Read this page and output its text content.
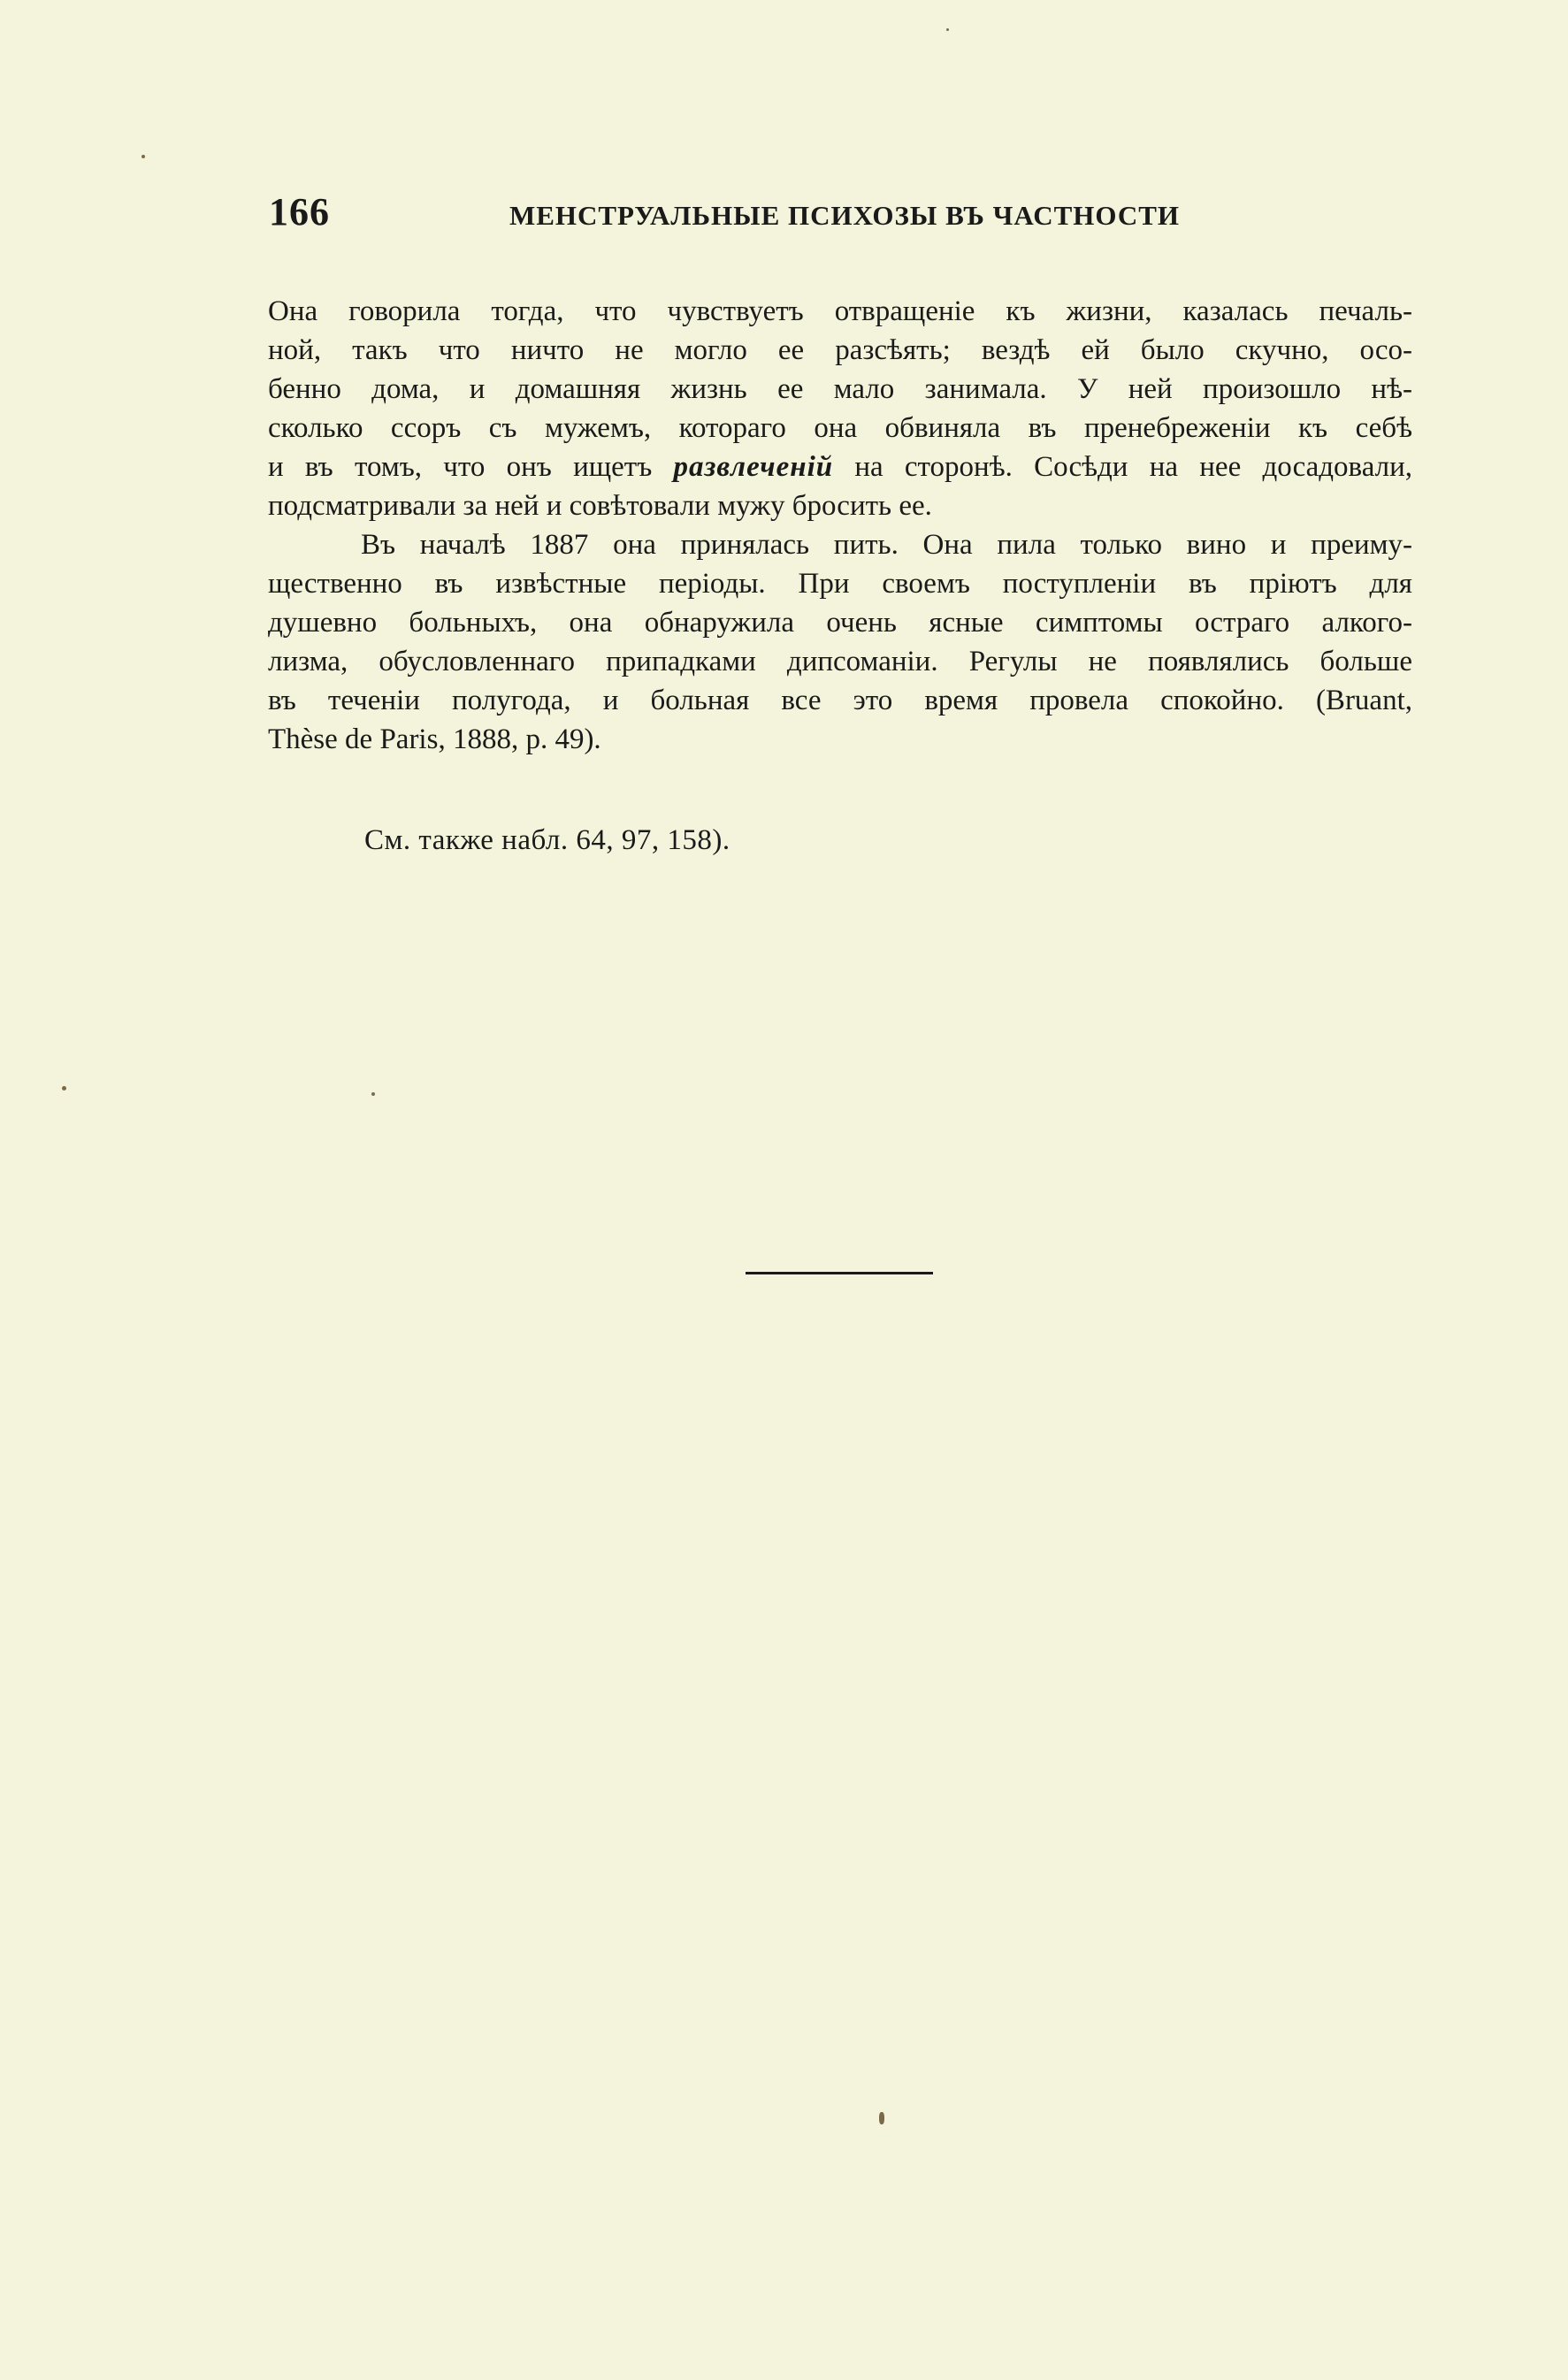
166	МЕНСТРУАЛЬНЫЕ ПСИХОЗЫ ВЪ ЧАСТНОСТИ
Она говорила тогда, что чувствуетъ отвращеніе къ жизни, казалась печаль-
ной, такъ что ничто не могло ее разсѣять; вездѣ ей было скучно, осо-
бенно дома, и домашняя жизнь ее мало занимала. У ней произошло нѣ-
сколько ссоръ съ мужемъ, котораго она обвиняла въ пренебреженіи къ себѣ
и въ томъ, что онъ ищетъ развлеченій на сторонѣ. Сосѣди на нее досадовали,
подсматривали за ней и совѣтовали мужу бросить ее.
Въ началѣ 1887 она принялась пить. Она пила только вино и преиму-
щественно въ извѣстные періоды. При своемъ поступленіи въ пріютъ для
душевно больныхъ, она обнаружила очень ясные симптомы остраго алкого-
лизма, обусловленнаго припадками дипсоманіи. Регулы не появлялись больше
въ теченіи полугода, и больная все это время провела спокойно. (Bruant,
Thèse de Paris, 1888, p. 49).
См. также набл. 64, 97, 158).
